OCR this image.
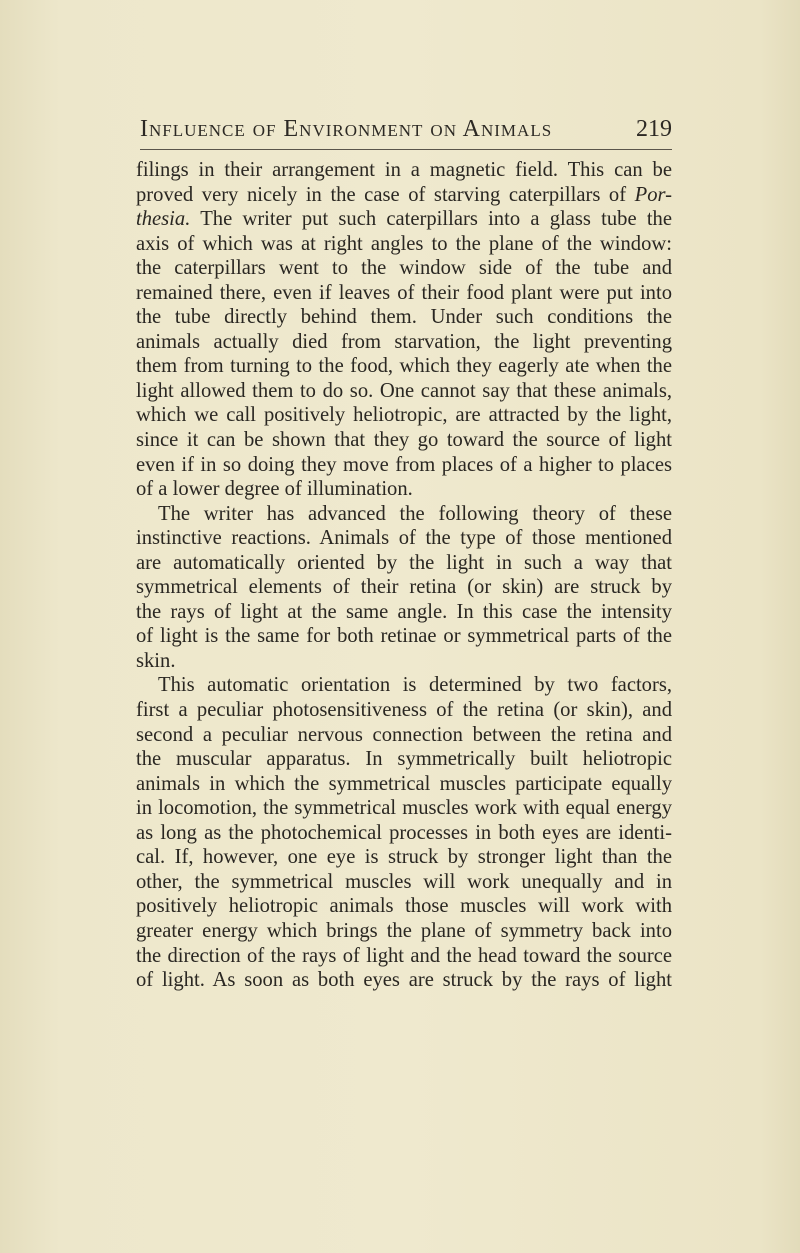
Influence of Environment on Animals	219
filings in their arrangement in a magnetic field. This can be
proved very nicely in the case of starving caterpillars of Por-
thesia. The writer put such caterpillars into a glass tube the
axis of which was at right angles to the plane of the window:
the caterpillars went to the window side of the tube and
remained there, even if leaves of their food plant were put into
the tube directly behind them. Under such conditions the
animals actually died from starvation, the light preventing
them from turning to the food, which they eagerly ate when the
light allowed them to do so. One cannot say that these animals,
which we call positively heliotropic, are attracted by the light,
since it can be shown that they go toward the source of light
even if in so doing they move from places of a higher to places
of a lower degree of illumination.
The writer has advanced the following theory of these
instinctive reactions. Animals of the type of those mentioned
are automatically oriented by the light in such a way that
symmetrical elements of their retina (or skin) are struck by
the rays of light at the same angle. In this case the intensity
of light is the same for both retinae or symmetrical parts of the
skin.
This automatic orientation is determined by two factors,
first a peculiar photosensitiveness of the retina (or skin), and
second a peculiar nervous connection between the retina and
the muscular apparatus. In symmetrically built heliotropic
animals in which the symmetrical muscles participate equally
in locomotion, the symmetrical muscles work with equal energy
as long as the photochemical processes in both eyes are identi-
cal. If, however, one eye is struck by stronger light than the
other, the symmetrical muscles will work unequally and in
positively heliotropic animals those muscles will work with
greater energy which brings the plane of symmetry back into
the direction of the rays of light and the head toward the source
of light. As soon as both eyes are struck by the rays of light
